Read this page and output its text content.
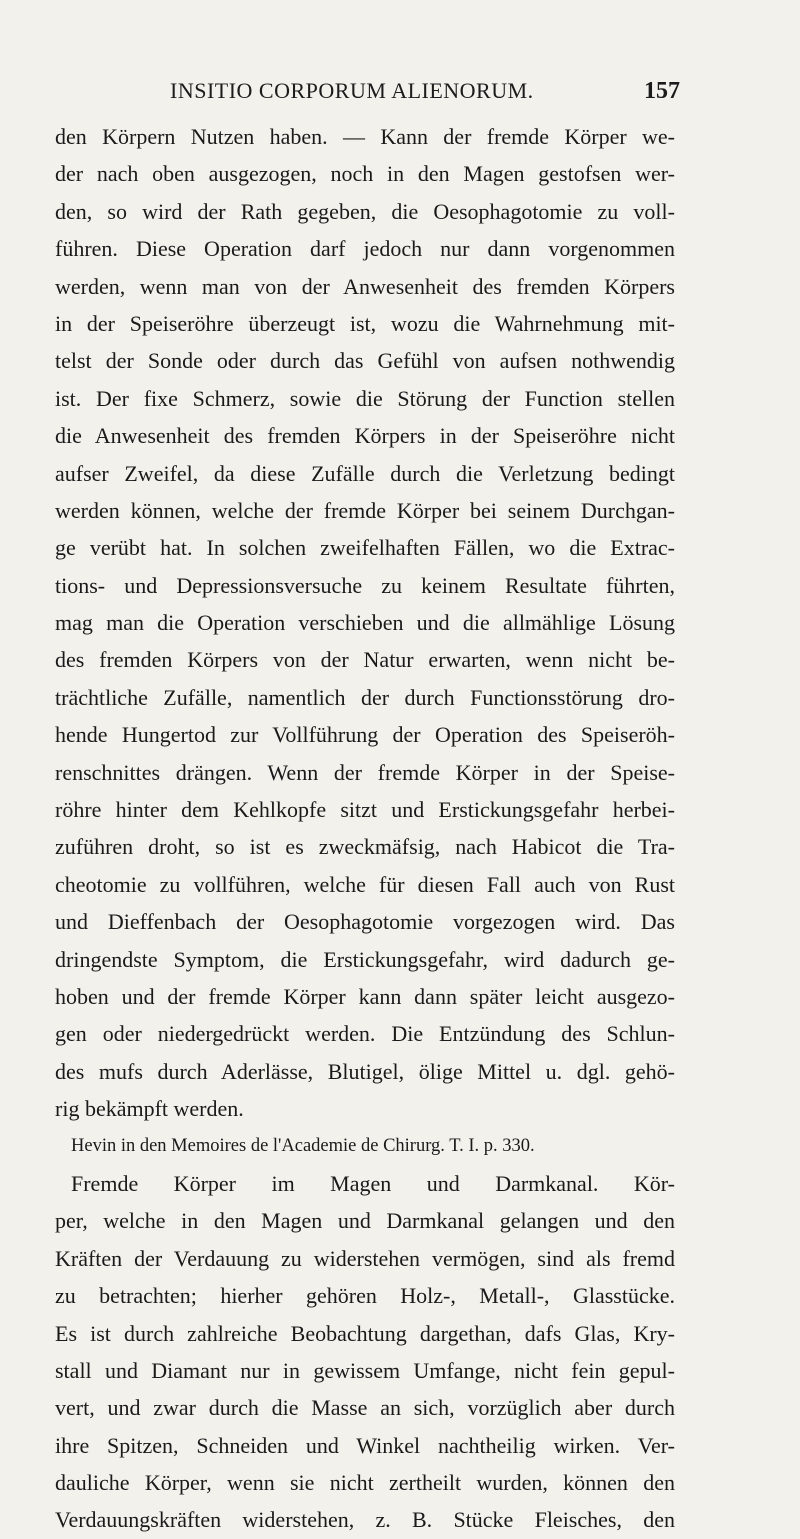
INSITIO CORPORUM ALIENORUM.	157
den Körpern Nutzen haben. — Kann der fremde Körper we-
der nach oben ausgezogen, noch in den Magen gestofsen wer-
den, so wird der Rath gegeben, die Oesophagotomie zu voll-
führen. Diese Operation darf jedoch nur dann vorgenommen
werden, wenn man von der Anwesenheit des fremden Körpers
in der Speiseröhre überzeugt ist, wozu die Wahrnehmung mit-
telst der Sonde oder durch das Gefühl von aufsen nothwendig
ist. Der fixe Schmerz, sowie die Störung der Function stellen
die Anwesenheit des fremden Körpers in der Speiseröhre nicht
aufser Zweifel, da diese Zufälle durch die Verletzung bedingt
werden können, welche der fremde Körper bei seinem Durchgan-
ge verübt hat. In solchen zweifelhaften Fällen, wo die Extrac-
tions- und Depressionsversuche zu keinem Resultate führten,
mag man die Operation verschieben und die allmählige Lösung
des fremden Körpers von der Natur erwarten, wenn nicht be-
trächtliche Zufälle, namentlich der durch Functionsstörung dro-
hende Hungertod zur Vollführung der Operation des Speiseröh-
renschnittes drängen. Wenn der fremde Körper in der Speise-
röhre hinter dem Kehlkopfe sitzt und Erstickungsgefahr herbei-
zuführen droht, so ist es zweckmäfsig, nach Habicot die Tra-
cheotomie zu vollführen, welche für diesen Fall auch von Rust
und Dieffenbach der Oesophagotomie vorgezogen wird. Das
dringendste Symptom, die Erstickungsgefahr, wird dadurch ge-
hoben und der fremde Körper kann dann später leicht ausgezo-
gen oder niedergedrückt werden. Die Entzündung des Schlun-
des mufs durch Aderlässe, Blutigel, ölige Mittel u. dgl. gehö-
rig bekämpft werden.
Hevin in den Memoires de l'Academie de Chirurg. T. I. p. 330.
Fremde Körper im Magen und Darmkanal. Kör-
per, welche in den Magen und Darmkanal gelangen und den
Kräften der Verdauung zu widerstehen vermögen, sind als fremd
zu betrachten; hierher gehören Holz-, Metall-, Glasstücke.
Es ist durch zahlreiche Beobachtung dargethan, dafs Glas, Kry-
stall und Diamant nur in gewissem Umfange, nicht fein gepul-
vert, und zwar durch die Masse an sich, vorzüglich aber durch
ihre Spitzen, Schneiden und Winkel nachtheilig wirken. Ver-
dauliche Körper, wenn sie nicht zertheilt wurden, können den
Verdauungskräften widerstehen, z. B. Stücke Fleisches, den
